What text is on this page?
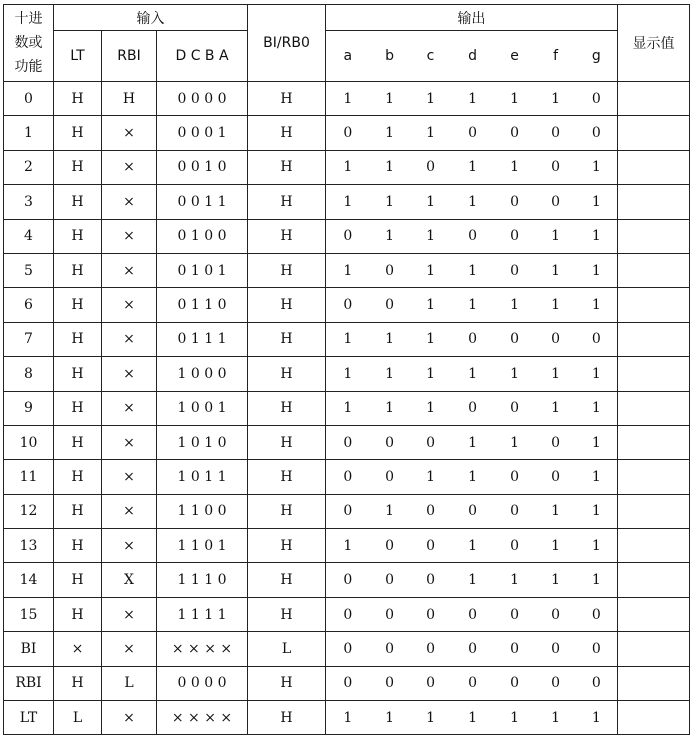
十进
数或
功能	输入			BI/RB0	输出							显示值
	LT	RBI	D C B A		a	b	c	d	e	f	g	
0	H	H	0 0 0 0	H	1	1	1	1	1	1	0	
1	H	×	0 0 0 1	H	0	1	1	0	0	0	0	
2	H	×	0 0 1 0	H	1	1	0	1	1	0	1	
3	H	×	0 0 1 1	H	1	1	1	1	0	0	1	
4	H	×	0 1 0 0	H	0	1	1	0	0	1	1	
5	H	×	0 1 0 1	H	1	0	1	1	0	1	1	
6	H	×	0 1 1 0	H	0	0	1	1	1	1	1	
7	H	×	0 1 1 1	H	1	1	1	0	0	0	0	
8	H	×	1 0 0 0	H	1	1	1	1	1	1	1	
9	H	×	1 0 0 1	H	1	1	1	0	0	1	1	
10	H	×	1 0 1 0	H	0	0	0	1	1	0	1	
11	H	×	1 0 1 1	H	0	0	1	1	0	0	1	
12	H	×	1 1 0 0	H	0	1	0	0	0	1	1	
13	H	×	1 1 0 1	H	1	0	0	1	0	1	1	
14	H	X	1 1 1 0	H	0	0	0	1	1	1	1	
15	H	×	1 1 1 1	H	0	0	0	0	0	0	0	
BI	×	×	× × × ×	L	0	0	0	0	0	0	0	
RBI	H	L	0 0 0 0	H	0	0	0	0	0	0	0	
LT	L	×	× × × ×	H	1	1	1	1	1	1	1	
